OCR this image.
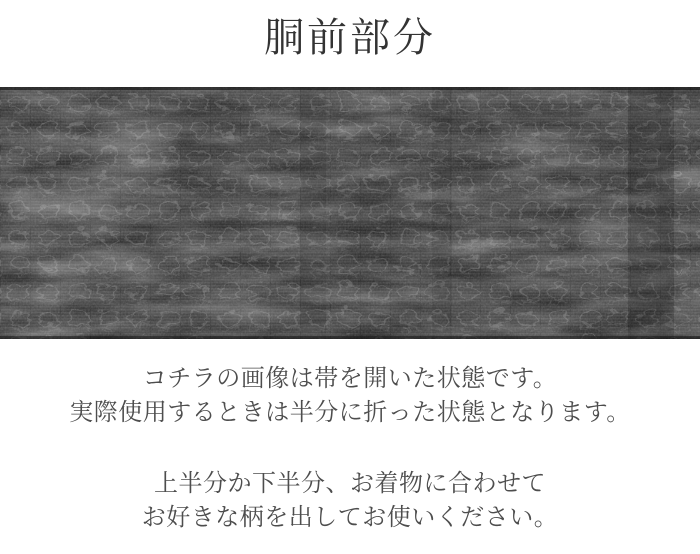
胴前部分

コチラの画像は帯を開いた状態です。
実際使用するときは半分に折った状態となります。

上半分か下半分、お着物に合わせて
お好きな柄を出してお使いください。
